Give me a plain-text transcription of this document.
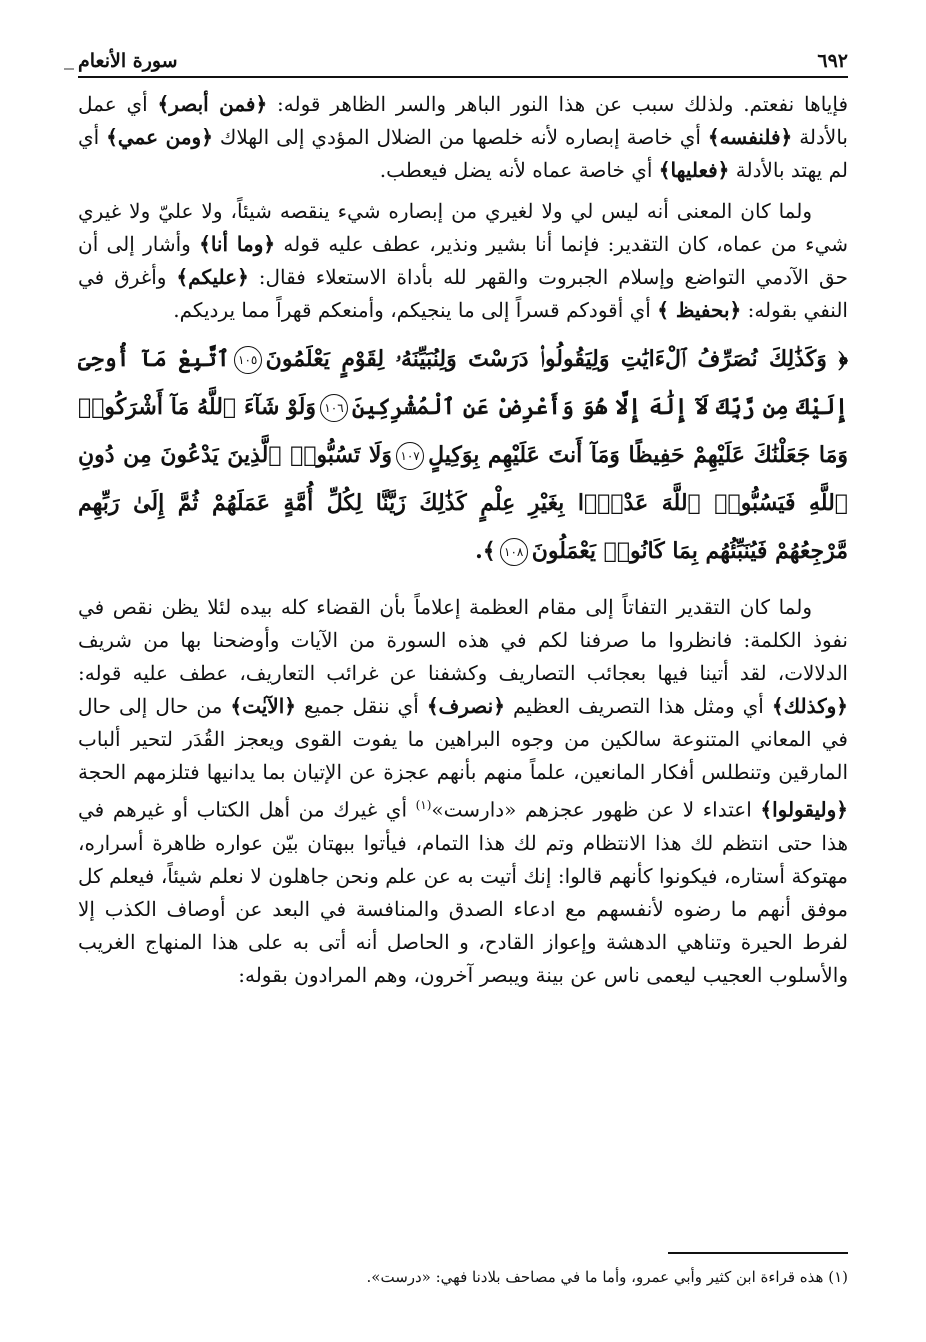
٦٩٢
سورة الأنعام

فإياها نفعتم. ولذلك سبب عن هذا النور الباهر والسر الظاهر قوله: ﴿فمن أبصر﴾ أي عمل بالأدلة ﴿فلنفسه﴾ أي خاصة إبصاره لأنه خلصها من الضلال المؤدي إلى الهلاك ﴿ومن عمي﴾ أي لم يهتد بالأدلة ﴿فعليها﴾ أي خاصة عماه لأنه يضل فيعطب.

ولما كان المعنى أنه ليس لي ولا لغيري من إبصاره شيء ينقصه شيئاً، ولا عليّ ولا غيري شيء من عماه، كان التقدير: فإنما أنا بشير ونذير، عطف عليه قوله ﴿وما أنا﴾ وأشار إلى أن حق الآدمي التواضع وإسلام الجبروت والقهر لله بأداة الاستعلاء فقال: ﴿عليكم﴾ وأغرق في النفي بقوله: ﴿بحفيظ ﴾ أي أقودكم قسراً إلى ما ينجيكم، وأمنعكم قهراً مما يرديكم.

﴿ وَكَذَٰلِكَ نُصَرِّفُ ٱلْءَايَٰتِ وَلِيَقُولُوا۟ دَرَسْتَ وَلِنُبَيِّنَهُۥ لِقَوْمٍ يَعْلَمُونَ١٠٥ٱتَّبِعْ مَآ أُوحِىَ إِلَيْكَ مِن رَّبِّكَ لَآ إِلَٰهَ إِلَّا هُوَ وَأَعْرِضْ عَنِ ٱلْمُشْرِكِينَ١٠٦وَلَوْ شَآءَ ٱللَّهُ مَآ أَشْرَكُوا۟ وَمَا جَعَلْنَٰكَ عَلَيْهِمْ حَفِيظًا وَمَآ أَنتَ عَلَيْهِم بِوَكِيلٍ١٠٧وَلَا تَسُبُّوا۟ ٱلَّذِينَ يَدْعُونَ مِن دُونِ ٱللَّهِ فَيَسُبُّوا۟ ٱللَّهَ عَدْوًۢا بِغَيْرِ عِلْمٍ كَذَٰلِكَ زَيَّنَّا لِكُلِّ أُمَّةٍ عَمَلَهُمْ ثُمَّ إِلَىٰ رَبِّهِم مَّرْجِعُهُمْ فَيُنَبِّئُهُم بِمَا كَانُوا۟ يَعْمَلُونَ١٠٨﴾.

ولما كان التقدير التفاتاً إلى مقام العظمة إعلاماً بأن القضاء كله بيده لئلا يظن نقص في نفوذ الكلمة: فانظروا ما صرفنا لكم في هذه السورة من الآيات وأوضحنا بها من شريف الدلالات، لقد أتينا فيها بعجائب التصاريف وكشفنا عن غرائب التعاريف، عطف عليه قوله: ﴿وكذلك﴾ أي ومثل هذا التصريف العظيم ﴿نصرف﴾ أي ننقل جميع ﴿الآيٰت﴾ من حال إلى حال في المعاني المتنوعة سالكين من وجوه البراهين ما يفوت القوى ويعجز القُدَر لتحير ألباب المارقين وتنطلس أفكار المانعين، علماً منهم بأنهم عجزة عن الإتيان بما يدانيها فتلزمهم الحجة ﴿وليقولوا﴾ اعتداء لا عن ظهور عجزهم «دارست»$^{(١)}$ أي غيرك من أهل الكتاب أو غيرهم في هذا حتى انتظم لك هذا الانتظام وتم لك هذا التمام، فيأتوا ببهتان بيّن عواره ظاهرة أسراره، مهتوكة أستاره، فيكونوا كأنهم قالوا: إنك أتيت به عن علم ونحن جاهلون لا نعلم شيئاً، فيعلم كل موفق أنهم ما رضوه لأنفسهم مع ادعاء الصدق والمنافسة في البعد عن أوصاف الكذب إلا لفرط الحيرة وتناهي الدهشة وإعواز القادح، و الحاصل أنه أتى به على هذا المنهاج الغريب والأسلوب العجيب ليعمى ناس عن بينة ويبصر آخرون، وهم المرادون بقوله:

(١) هذه قراءة ابن كثير وأبي عمرو، وأما ما في مصاحف بلادنا فهي: «درست».
